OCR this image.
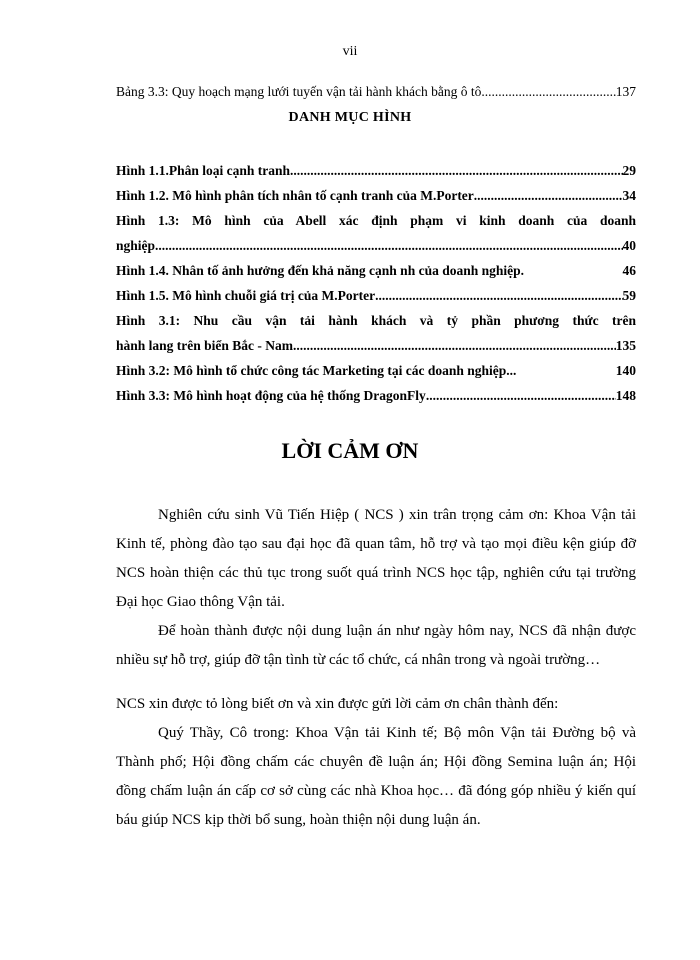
vii
Bảng 3.3: Quy hoạch mạng lưới tuyến vận tải hành khách bằng ô tô .....	137
DANH MỤC HÌNH
Hình 1.1.Phân loại cạnh tranh .....	29
Hình 1.2. Mô hình phân tích nhân tố cạnh tranh của M.Porter .....	34
Hình 1.3: Mô hình của Abell xác định phạm vi kinh doanh của doanh
nghiệp .....	40
Hình 1.4. Nhân tố ảnh hưởng đến khả năng cạnh nh của doanh nghiệp .	46
Hình 1.5. Mô hình chuỗi giá trị của M.Porter .....	59
Hình 3.1: Nhu cầu vận tải hành khách và tỷ phần phương thức trên
hành lang trên biển Bắc - Nam .....	135
Hình 3.2: Mô hình tổ chức công tác Marketing tại các doanh nghiệp. ..	140
Hình 3.3: Mô hình hoạt động của hệ thống DragonFly .....	148
LỜI CẢM ƠN

Nghiên cứu sinh Vũ Tiến Hiệp ( NCS ) xin trân trọng cảm ơn: Khoa Vận tải Kinh tế, phòng đào tạo sau đại học đã quan tâm, hỗ trợ và tạo mọi điều kện giúp đỡ NCS hoàn thiện các thủ tục trong suốt quá trình NCS học tập, nghiên cứu tại trường Đại học Giao thông Vận tải.

Để hoàn thành được nội dung luận án như ngày hôm nay, NCS đã nhận được nhiều sự hỗ trợ, giúp đỡ tận tình từ các tổ chức, cá nhân trong và ngoài trường…

NCS xin được tỏ lòng biết ơn và xin được gửi lời cảm ơn chân thành đến:

Quý Thầy, Cô trong: Khoa Vận tải Kinh tế; Bộ môn Vận tải Đường bộ và Thành phố; Hội đồng chấm các chuyên đề luận án; Hội đồng Semina luận án; Hội đồng chấm luận án cấp cơ sở cùng các nhà Khoa học… đã đóng góp nhiều ý kiến quí báu giúp NCS kịp thời bổ sung, hoàn thiện nội dung luận án.
